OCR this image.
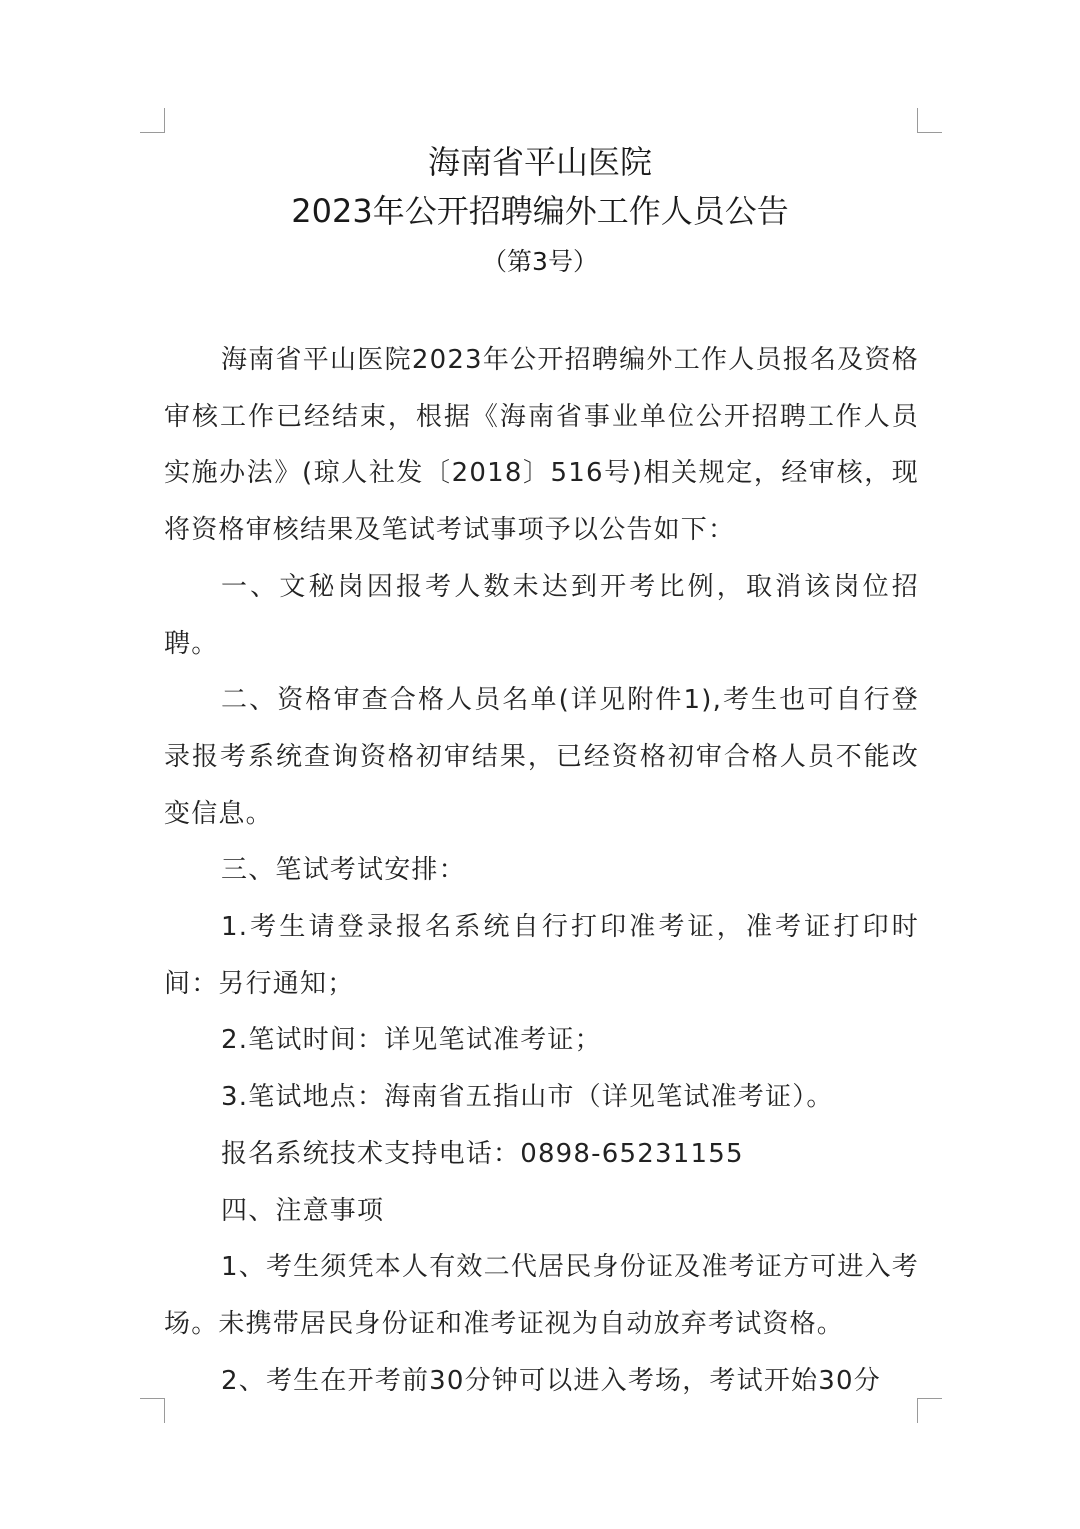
海南省平山医院
2023年公开招聘编外工作人员公告
（第3号）

海南省平山医院2023年公开招聘编外工作人员报名及资格审核工作已经结束，根据《海南省事业单位公开招聘工作人员实施办法》(琼人社发〔2018〕516号)相关规定，经审核，现将资格审核结果及笔试考试事项予以公告如下：

一、文秘岗因报考人数未达到开考比例，取消该岗位招聘。

二、资格审查合格人员名单(详见附件1),考生也可自行登录报考系统查询资格初审结果，已经资格初审合格人员不能改变信息。

三、笔试考试安排：

1.考生请登录报名系统自行打印准考证，准考证打印时间：另行通知；

2.笔试时间：详见笔试准考证；

3.笔试地点：海南省五指山市（详见笔试准考证）。

报名系统技术支持电话：0898-65231155

四、注意事项

1、考生须凭本人有效二代居民身份证及准考证方可进入考场。未携带居民身份证和准考证视为自动放弃考试资格。

2、考生在开考前30分钟可以进入考场，考试开始30分
